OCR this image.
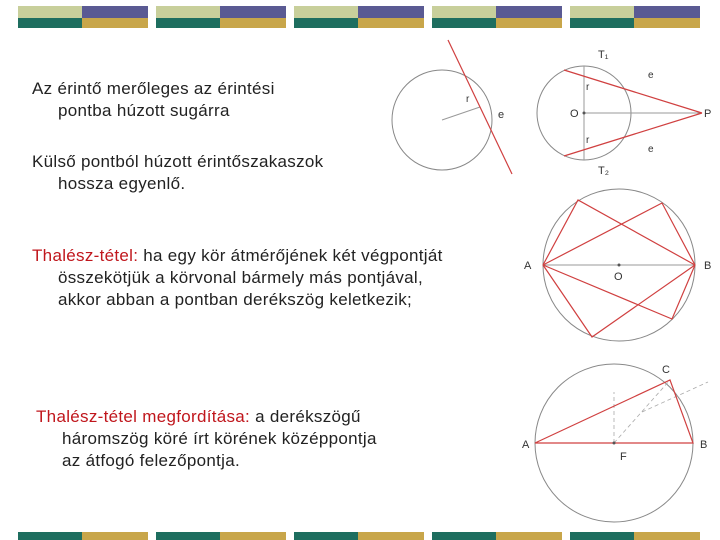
Az érintő merőleges az érintési
pontba húzott sugárra
Külső pontból húzott érintőszakaszok
hossza egyenlő.
Thalész-tétel: ha egy kör átmérőjének két végpontját
összekötjük a körvonal bármely más pontjával,
akkor abban a pontban derékszög keletkezik;
Thalész-tétel megfordítása: a derékszögű
háromszög köré írt körének középpontja
az átfogó felezőpontja.
r
e
T₁
T₂
O	P
r
r
e
e
A	B
O
A	B
C
F
